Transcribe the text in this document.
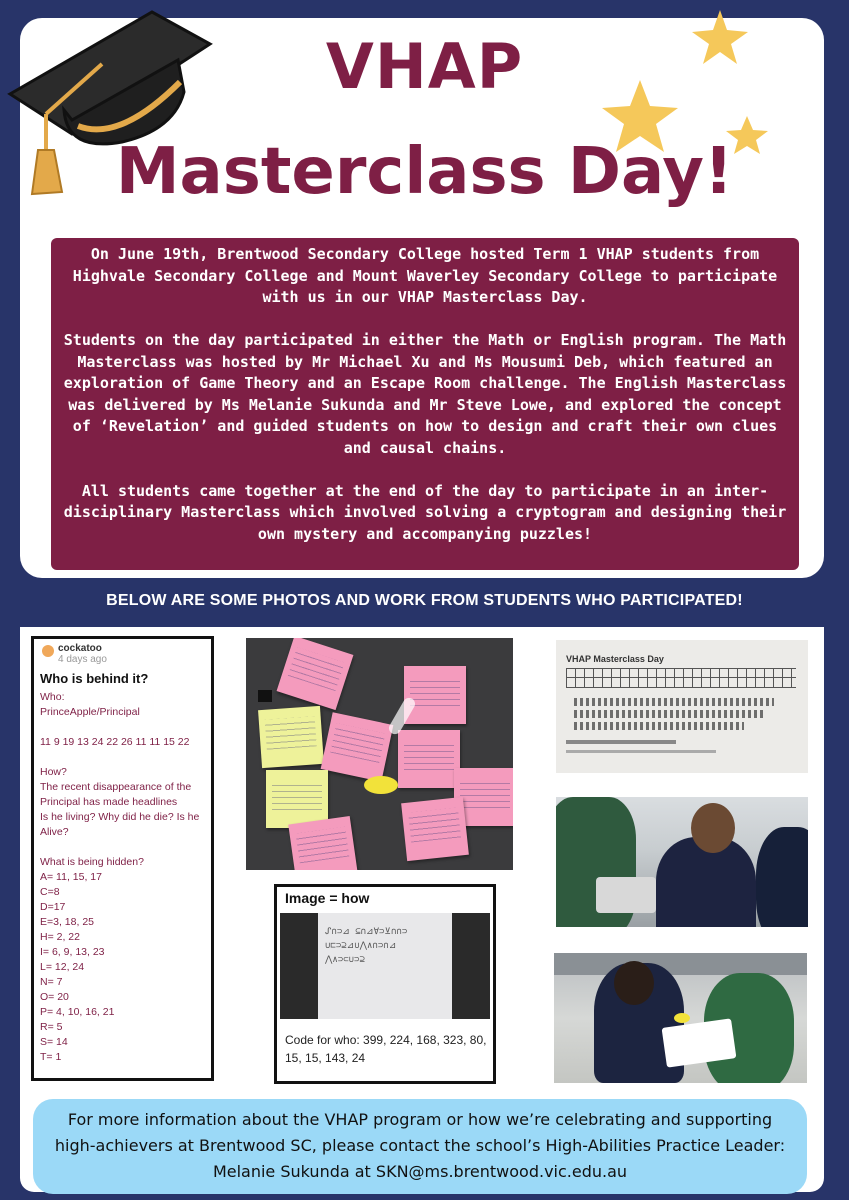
VHAP
Masterclass Day!

On June 19th, Brentwood Secondary College hosted Term 1 VHAP students from Highvale Secondary College and Mount Waverley Secondary College to participate with us in our VHAP Masterclass Day.

Students on the day participated in either the Math or English program. The Math Masterclass was hosted by Mr Michael Xu and Ms Mousumi Deb, which featured an exploration of Game Theory and an Escape Room challenge. The English Masterclass was delivered by Ms Melanie Sukunda and Mr Steve Lowe, and explored the concept of ‘Revelation’ and guided students on how to design and craft their own clues and causal chains.

All students came together at the end of the day to participate in an inter-disciplinary Masterclass which involved solving a cryptogram and designing their own mystery and accompanying puzzles!

BELOW ARE SOME PHOTOS AND WORK FROM STUDENTS WHO PARTICIPATED!
cockatoo
4 days ago
Who is behind it?
Who:
PrinceApple/Principal
11 9 19 13 24 22 26 11 11 15 22
How?
The recent disappearance of the Principal has made headlines
Is he living? Why did he die? Is he Alive?
What is being hidden?
A= 11, 15, 17
C=8
D=17
E=3, 18, 25
H= 2, 22
I= 6, 9, 13, 23
L= 12, 24
N= 7
O= 20
P= 4, 10, 16, 21
R= 5
S= 14
T= 1
VHAP Masterclass Day
Image = how
ᔑ∩⊃⊿ ⊆∩⊿∀⊃⊻∩∩⊃
∪⊏⊃⊇⊿∪⋀∧∩⊃∩⊿
⋀∧⊃⊂∪⊃⊇
Code for who: 399, 224, 168, 323, 80, 15, 15, 143, 24
For more information about the VHAP program or how we’re celebrating and supporting high-achievers at Brentwood SC, please contact the school’s High-Abilities Practice Leader: Melanie Sukunda at SKN@ms.brentwood.vic.edu.au
